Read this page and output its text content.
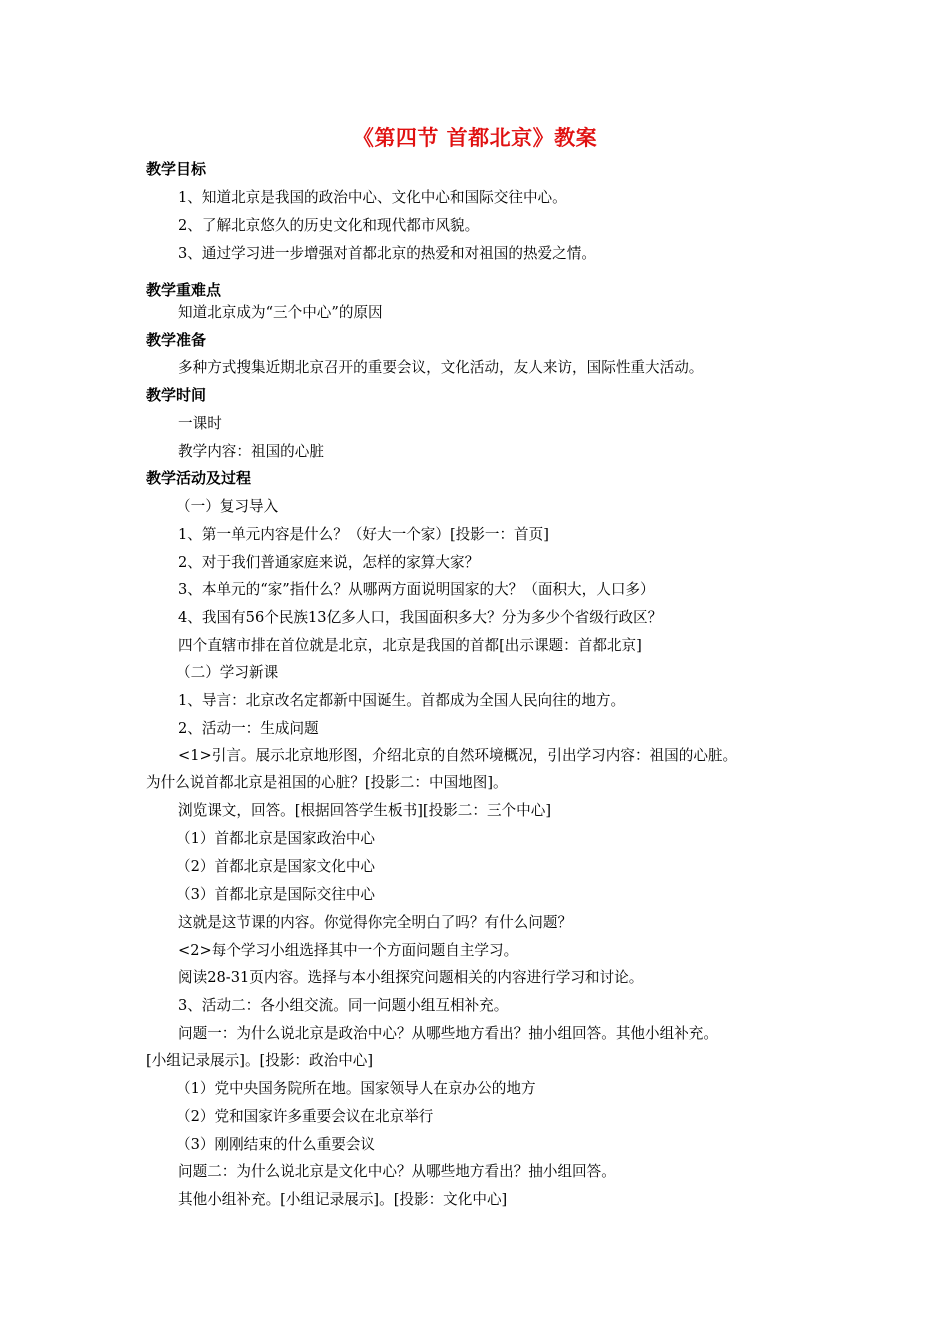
《第四节 首都北京》教案
教学目标
1、知道北京是我国的政治中心、文化中心和国际交往中心。
2、了解北京悠久的历史文化和现代都市风貌。
3、通过学习进一步增强对首都北京的热爱和对祖国的热爱之情。
教学重难点
知道北京成为“三个中心”的原因
教学准备
多种方式搜集近期北京召开的重要会议，文化活动，友人来访，国际性重大活动。
教学时间
一课时
教学内容：祖国的心脏
教学活动及过程
（一）复习导入
1、第一单元内容是什么？（好大一个家）[投影一：首页]
2、对于我们普通家庭来说，怎样的家算大家？
3、本单元的“家”指什么？从哪两方面说明国家的大？（面积大，人口多）
4、我国有56个民族13亿多人口，我国面积多大？分为多少个省级行政区？
四个直辖市排在首位就是北京，北京是我国的首都[出示课题：首都北京]
（二）学习新课
1、导言：北京改名定都新中国诞生。首都成为全国人民向往的地方。
2、活动一：生成问题
<1>引言。展示北京地形图，介绍北京的自然环境概况，引出学习内容：祖国的心脏。
为什么说首都北京是祖国的心脏？[投影二：中国地图]。
浏览课文，回答。[根据回答学生板书][投影二：三个中心]
（1）首都北京是国家政治中心
（2）首都北京是国家文化中心
（3）首都北京是国际交往中心
这就是这节课的内容。你觉得你完全明白了吗？有什么问题？
<2>每个学习小组选择其中一个方面问题自主学习。
阅读28-31页内容。选择与本小组探究问题相关的内容进行学习和讨论。
3、活动二：各小组交流。同一问题小组互相补充。
问题一：为什么说北京是政治中心？从哪些地方看出？抽小组回答。其他小组补充。
[小组记录展示]。[投影：政治中心]
（1）党中央国务院所在地。国家领导人在京办公的地方
（2）党和国家许多重要会议在北京举行
（3）刚刚结束的什么重要会议
问题二：为什么说北京是文化中心？从哪些地方看出？抽小组回答。
其他小组补充。[小组记录展示]。[投影：文化中心]
